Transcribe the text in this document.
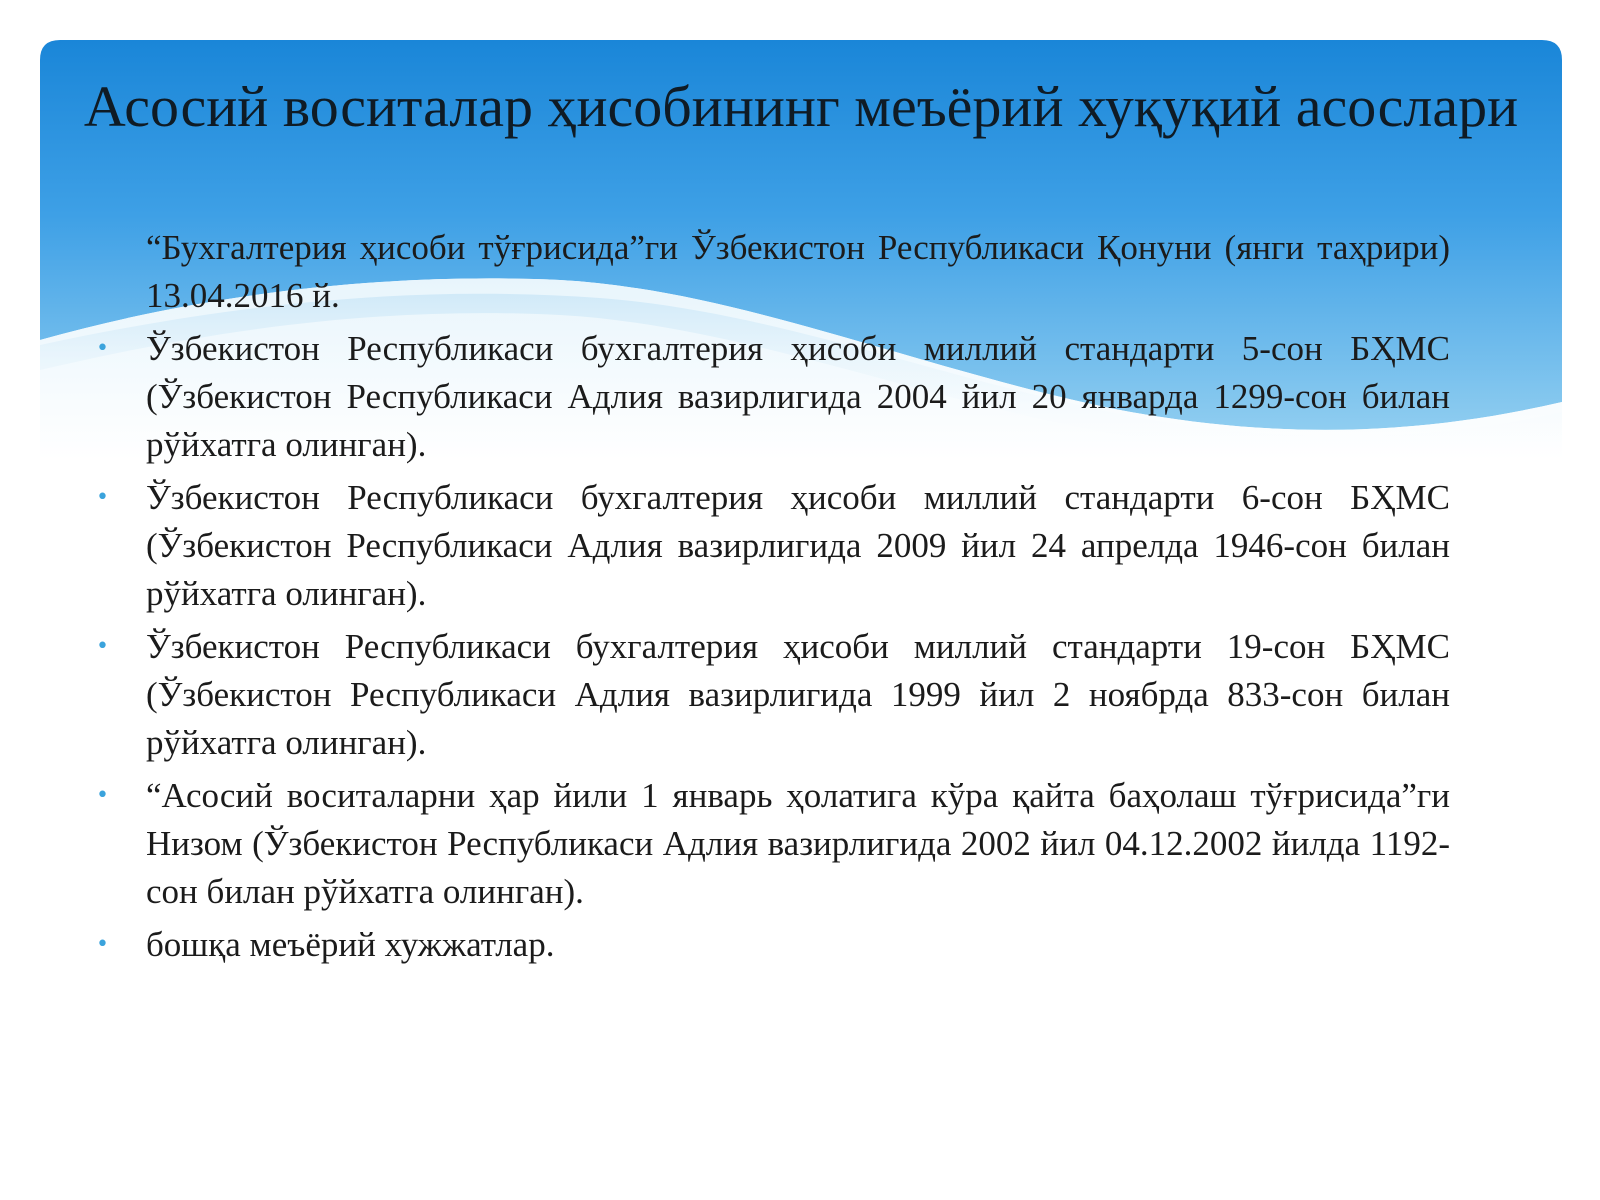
Асосий воситалар ҳисобининг меъёрий хуқуқий асослари
“Бухгалтерия ҳисоби тўғрисида”ги Ўзбекистон Республикаси Қонуни (янги таҳрири) 13.04.2016 й.
• Ўзбекистон Республикаси бухгалтерия ҳисоби миллий стандарти 5-сон БҲМС (Ўзбекистон Республикаси Адлия вазирлигида 2004 йил 20 январда 1299-сон билан рўйхатга олинган).
• Ўзбекистон Республикаси бухгалтерия ҳисоби миллий стандарти 6-сон БҲМС (Ўзбекистон Республикаси Адлия вазирлигида 2009 йил 24 апрелда 1946-сон билан рўйхатга олинган).
• Ўзбекистон Республикаси бухгалтерия ҳисоби миллий стандарти 19-сон БҲМС (Ўзбекистон Республикаси Адлия вазирлигида 1999 йил 2 ноябрда 833-сон билан рўйхатга олинган).
• “Асосий воситаларни ҳар йили 1 январь ҳолатига кўра қайта баҳолаш тўғрисида”ги Низом (Ўзбекистон Республикаси Адлия вазирлигида 2002 йил 04.12.2002 йилда 1192-сон билан рўйхатга олинган).
• бошқа меъёрий хужжатлар.
